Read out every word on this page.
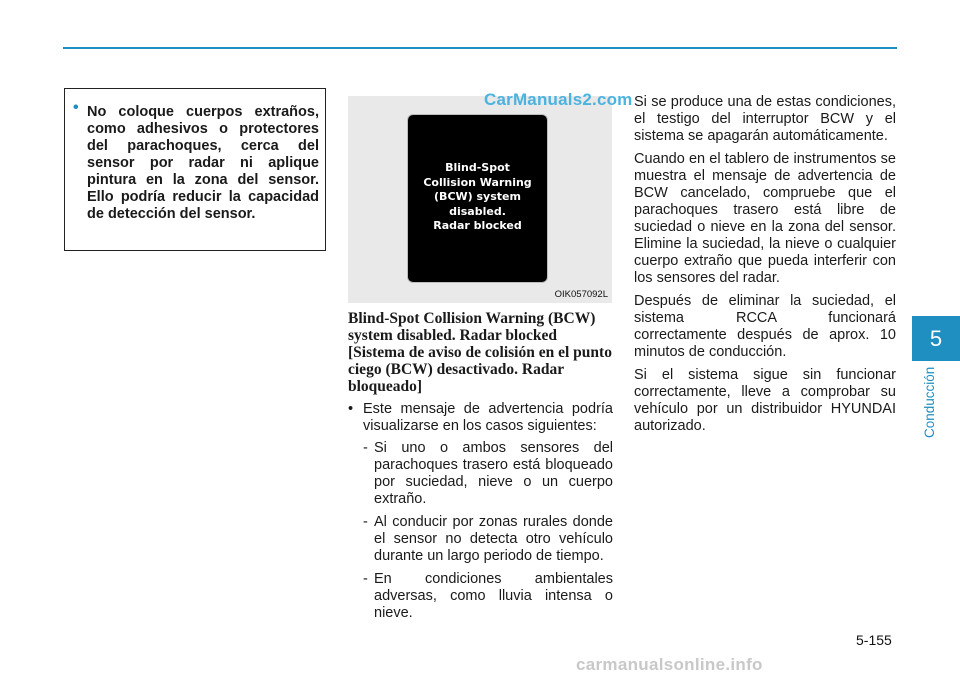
• No coloque cuerpos extraños, como adhesivos o protectores del parachoques, cerca del sensor por radar ni aplique pintura en la zona del sensor. Ello podría reducir la capacidad de detección del sensor.
Blind-Spot
Collision Warning
(BCW) system
disabled.
Radar blocked
OIK057092L
CarManuals2.com
Blind-Spot Collision Warning (BCW) system disabled. Radar blocked [Sistema de aviso de colisión en el punto ciego (BCW) desactivado. Radar bloqueado]
• Este mensaje de advertencia podría visualizarse en los casos siguientes:
- Si uno o ambos sensores del parachoques trasero está bloqueado por suciedad, nieve o un cuerpo extraño.
- Al conducir por zonas rurales donde el sensor no detecta otro vehículo durante un largo periodo de tiempo.
- En condiciones ambientales adversas, como lluvia intensa o nieve.

Si se produce una de estas condiciones, el testigo del interruptor BCW y el sistema se apagarán automáticamente.

Cuando en el tablero de instrumentos se muestra el mensaje de advertencia de BCW cancelado, compruebe que el parachoques trasero está libre de suciedad o nieve en la zona del sensor. Elimine la suciedad, la nieve o cualquier cuerpo extraño que pueda interferir con los sensores del radar.

Después de eliminar la suciedad, el sistema RCCA funcionará correctamente después de aprox. 10 minutos de conducción.

Si el sistema sigue sin funcionar correctamente, lleve a comprobar su vehículo por un distribuidor HYUNDAI autorizado.

5
Conducción
5-155
carmanualsonline.info
